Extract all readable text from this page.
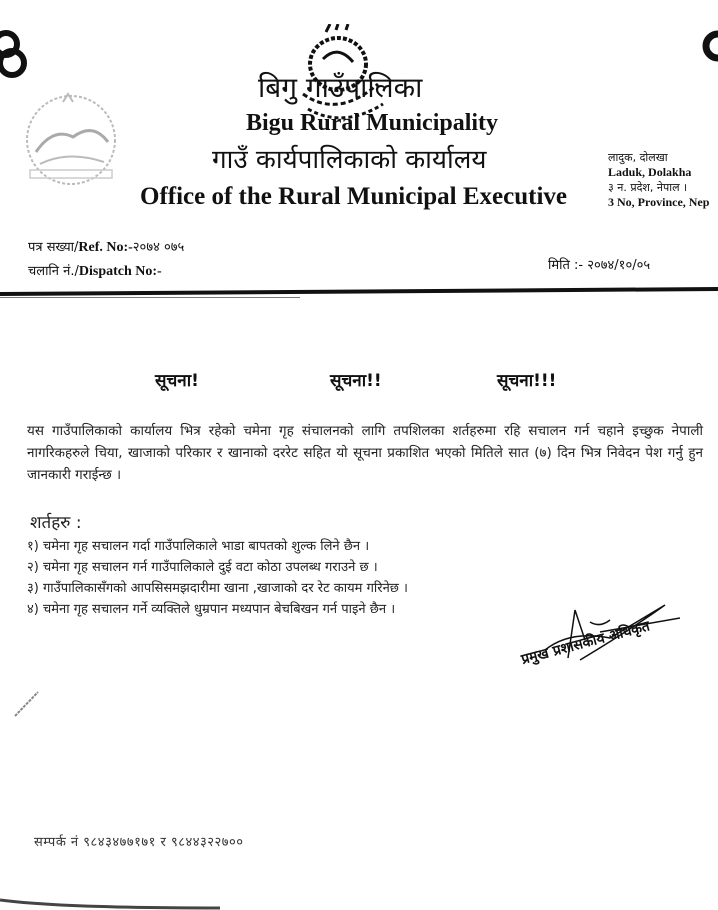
बिगु गाउँपालिका
Bigu Rural Municipality
गाउँ कार्यपालिकाको कार्यालय
Office of the Rural Municipal Executive
लादुक, दोलखा
Laduk, Dolakha
३ न. प्रदेश, नेपाल ।
3 No, Province, Nep
पत्र सख्या/Ref. No:-२०७४ ०७५
चलानि नं./Dispatch No:-	मिति :- २०७४/१०/०५
सूचना!	सूचना!!	सूचना!!!
यस गाउँपालिकाको कार्यालय भित्र रहेको चमेना गृह संचालनको लागि तपशिलका शर्तहरुमा रहि सचालन गर्न चहाने इच्छुक नेपाली नागरिकहरुले चिया, खाजाको परिकार र खानाको दररेट सहित यो सूचना प्रकाशित भएको मितिले सात (७) दिन भित्र निवेदन पेश गर्नु हुन जानकारी गराईन्छ ।
शर्तहरु :
१) चमेना गृह सचालन गर्दा गाउँपालिकाले भाडा बापतको शुल्क लिने छैन ।
२) चमेना गृह सचालन गर्न गाउँपालिकाले दुई वटा कोठा उपलब्ध गराउने छ ।
३) गाउँपालिकासँगको आपसिसमझदारीमा खाना ,खाजाको दर रेट कायम गरिनेछ ।
४) चमेना गृह सचालन गर्ने व्यक्तिले धुम्रपान मध्यपान बेचबिखन गर्न पाइने छैन ।
प्रमुख प्रशासकीय अधिकृत
सम्पर्क नं ९८४३४७७१७१ र ९८४४३२२७००
